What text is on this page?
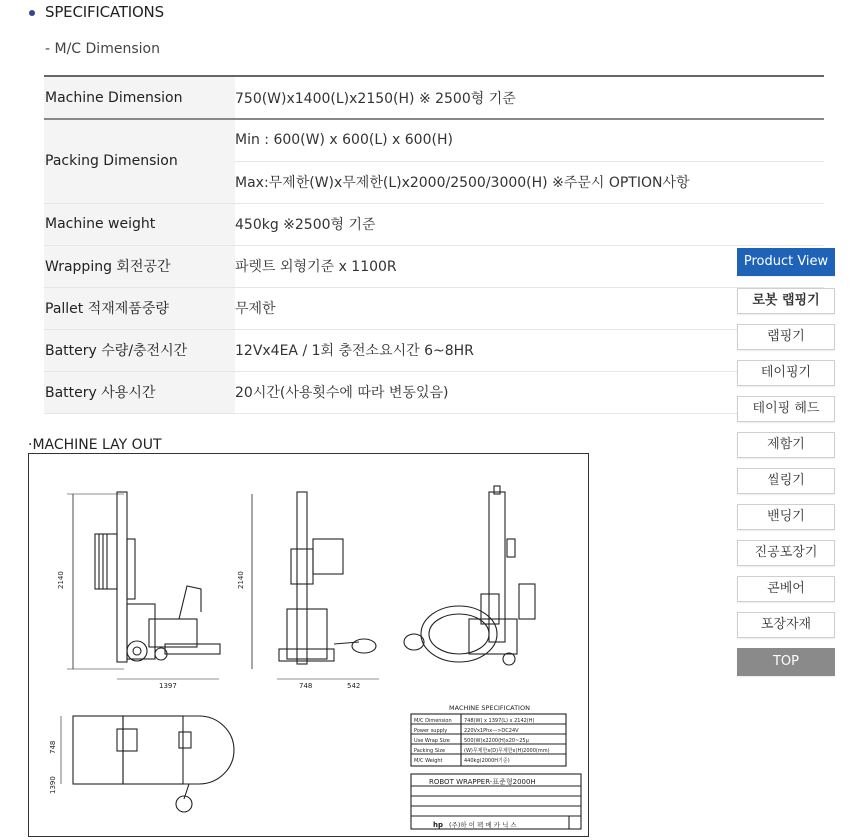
SPECIFICATIONS
- M/C Dimension
Machine Dimension	750(W)x1400(L)x2150(H) ※ 2500형 기준
Packing Dimension	Min : 600(W) x 600(L) x 600(H)
	Max:무제한(W)x무제한(L)x2000/2500/3000(H) ※주문시 OPTION사항
Machine weight	450kg ※2500형 기준
Wrapping 회전공간	파렛트 외형기준 x 1100R
Pallet 적재제품중량	무제한
Battery 수량/충전시간	12Vx4EA / 1회 충전소요시간 6~8HR
Battery 사용시간	20시간(사용횟수에 따라 변동있음)
·MACHINE LAY OUT
2140
1397
2140
748	542
748
1390
MACHINE SPECIFICATION
M/C Dimension 748(W) x 1397(L) x 2142(H)
Power supply	220Vx1Phx—>DC24V
Use Wrap Size	500(W)x2200(H)x20~25μ
Packing Size	(W)무제한x(D)무제한x(H)2000(mm)
M/C Weight	440kg(2000H기준)
ROBOT WRAPPER-표준형2000H
hp (주)하 이 팩 메 카 닉 스
Product View
로봇 랩핑기
랩핑기
테이핑기
테이핑 헤드
제함기
씰링기
밴딩기
진공포장기
콘베어
포장자재
TOP
